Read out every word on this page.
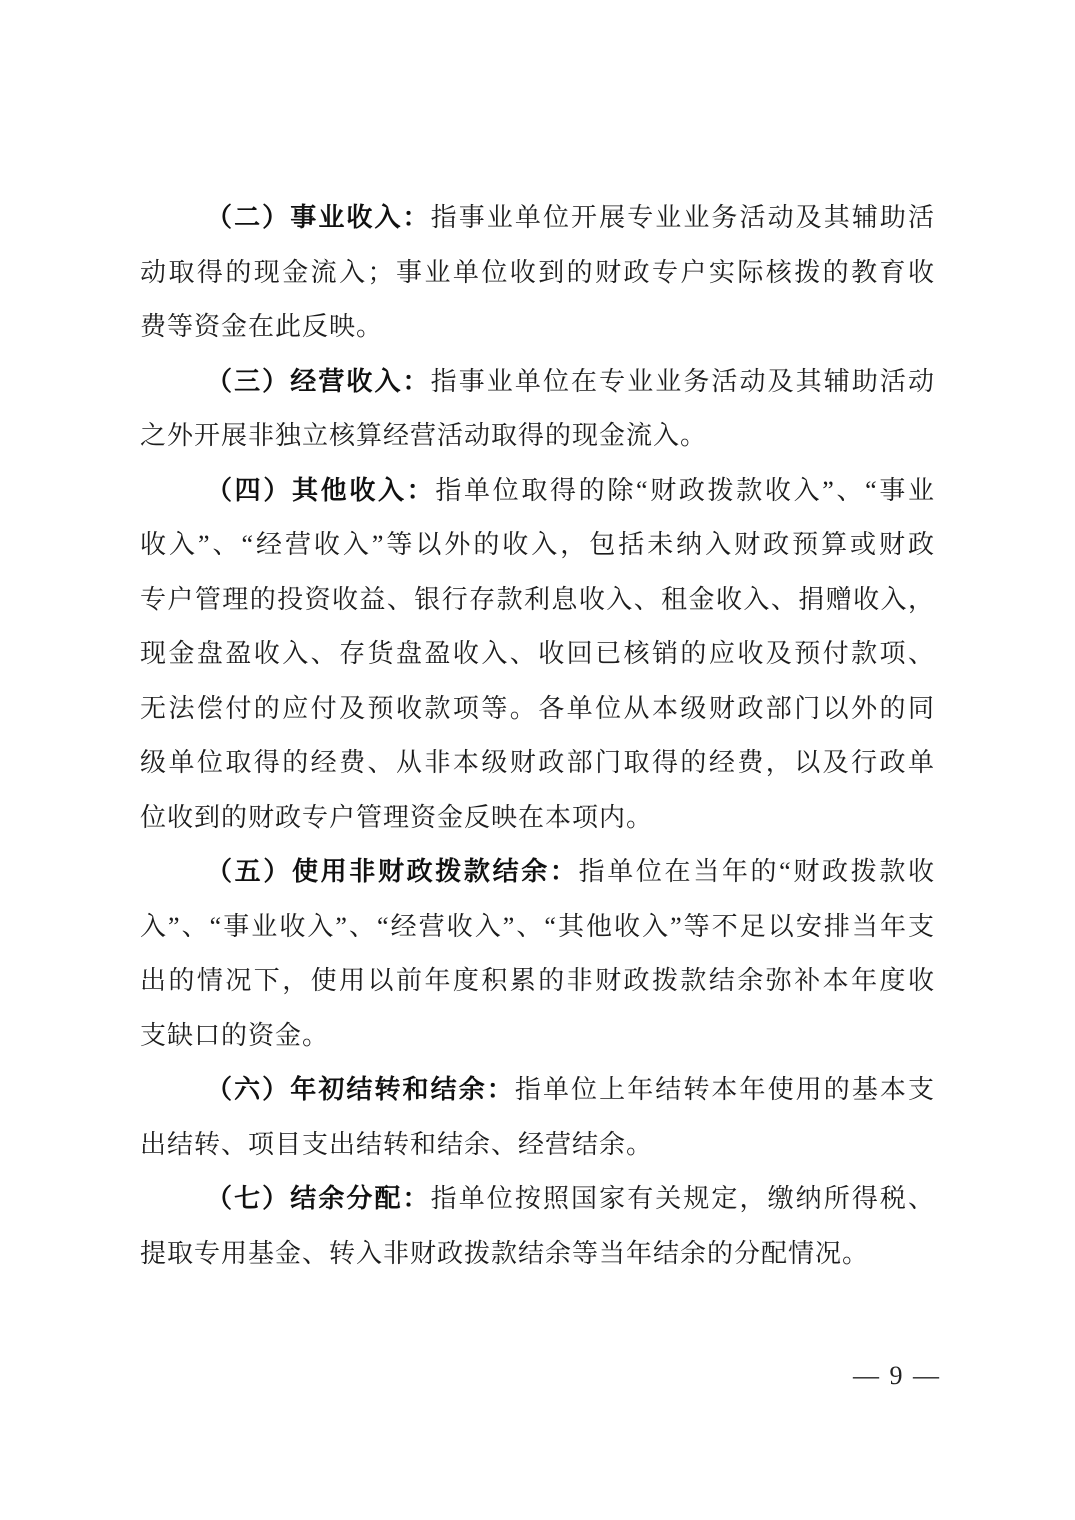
（二）事业收入：指事业单位开展专业业务活动及其辅助活
动取得的现金流入；事业单位收到的财政专户实际核拨的教育收
费等资金在此反映。
（三）经营收入：指事业单位在专业业务活动及其辅助活动
之外开展非独立核算经营活动取得的现金流入。
（四）其他收入：指单位取得的除“财政拨款收入”、“事业
收入”、“经营收入”等以外的收入，包括未纳入财政预算或财政
专户管理的投资收益、银行存款利息收入、租金收入、捐赠收入，
现金盘盈收入、存货盘盈收入、收回已核销的应收及预付款项、
无法偿付的应付及预收款项等。各单位从本级财政部门以外的同
级单位取得的经费、从非本级财政部门取得的经费，以及行政单
位收到的财政专户管理资金反映在本项内。
（五）使用非财政拨款结余：指单位在当年的“财政拨款收
入”、“事业收入”、“经营收入”、“其他收入”等不足以安排当年支
出的情况下，使用以前年度积累的非财政拨款结余弥补本年度收
支缺口的资金。
（六）年初结转和结余：指单位上年结转本年使用的基本支
出结转、项目支出结转和结余、经营结余。
（七）结余分配：指单位按照国家有关规定，缴纳所得税、
提取专用基金、转入非财政拨款结余等当年结余的分配情况。
— 9 —
